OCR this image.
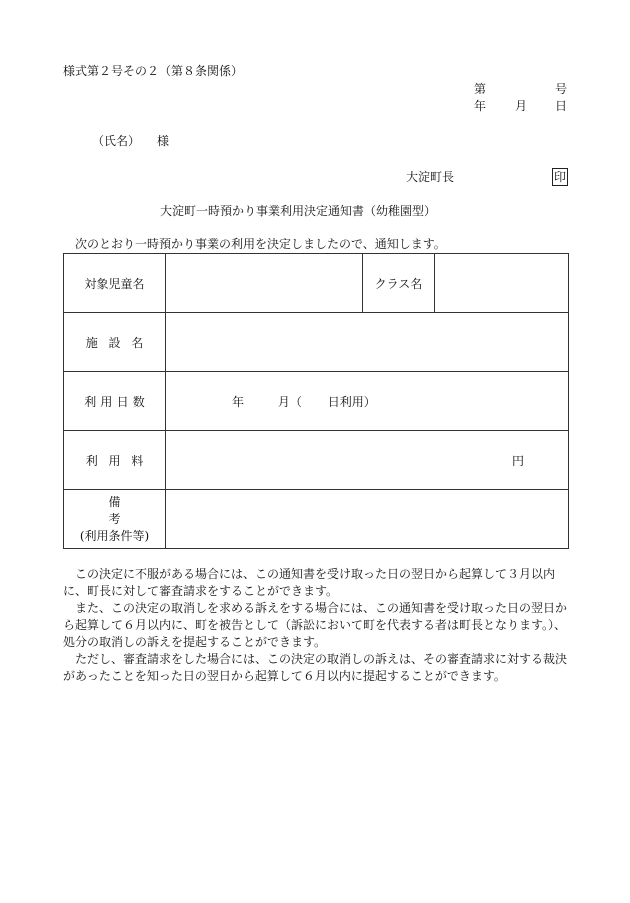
様式第２号その２（第８条関係）
第	号
年 月 日
（氏名） 様
大淀町長	印
大淀町一時預かり事業利用決定通知書（幼稚園型）
次のとおり一時預かり事業の利用を決定しましたので、通知します。
対象児童名		クラス名	
施設名			
利用日数	年 月（ 日利用）		
利用料	円		

備考
(利用条件等)			

この決定に不服がある場合には、この通知書を受け取った日の翌日から起算して３月以内に、町長に対して審査請求をすることができます。

また、この決定の取消しを求める訴えをする場合には、この通知書を受け取った日の翌日から起算して６月以内に、町を被告として（訴訟において町を代表する者は町長となります。）、処分の取消しの訴えを提起することができます。

ただし、審査請求をした場合には、この決定の取消しの訴えは、その審査請求に対する裁決があったことを知った日の翌日から起算して６月以内に提起することができます。
